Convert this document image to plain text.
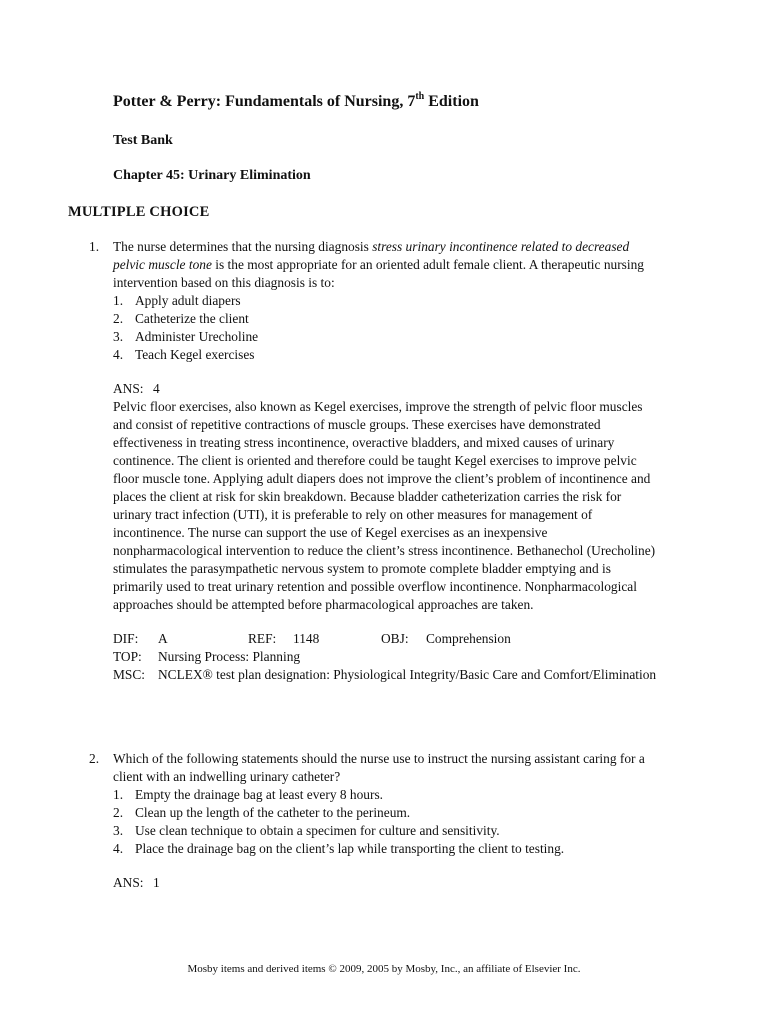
Potter & Perry: Fundamentals of Nursing, 7th Edition
Test Bank
Chapter 45: Urinary Elimination
MULTIPLE CHOICE
1.	The nurse determines that the nursing diagnosis stress urinary incontinence related to decreased pelvic muscle tone is the most appropriate for an oriented adult female client. A therapeutic nursing intervention based on this diagnosis is to:
1. Apply adult diapers
2. Catheterize the client
3. Administer Urecholine
4. Teach Kegel exercises
ANS: 4
Pelvic floor exercises, also known as Kegel exercises, improve the strength of pelvic floor muscles and consist of repetitive contractions of muscle groups. These exercises have demonstrated effectiveness in treating stress incontinence, overactive bladders, and mixed causes of urinary continence. The client is oriented and therefore could be taught Kegel exercises to improve pelvic floor muscle tone. Applying adult diapers does not improve the client’s problem of incontinence and places the client at risk for skin breakdown. Because bladder catheterization carries the risk for urinary tract infection (UTI), it is preferable to rely on other measures for management of incontinence. The nurse can support the use of Kegel exercises as an inexpensive nonpharmacological intervention to reduce the client’s stress incontinence. Bethanechol (Urecholine) stimulates the parasympathetic nervous system to promote complete bladder emptying and is primarily used to treat urinary retention and possible overflow incontinence. Nonpharmacological approaches should be attempted before pharmacological approaches are taken.
DIF:	A	REF:	1148	OBJ:	Comprehension
TOP:	Nursing Process: Planning
MSC: NCLEX® test plan designation: Physiological Integrity/Basic Care and Comfort/Elimination
2.	Which of the following statements should the nurse use to instruct the nursing assistant caring for a client with an indwelling urinary catheter?
1. Empty the drainage bag at least every 8 hours.
2. Clean up the length of the catheter to the perineum.
3. Use clean technique to obtain a specimen for culture and sensitivity.
4. Place the drainage bag on the client’s lap while transporting the client to testing.
ANS: 1
Mosby items and derived items © 2009, 2005 by Mosby, Inc., an affiliate of Elsevier Inc.
